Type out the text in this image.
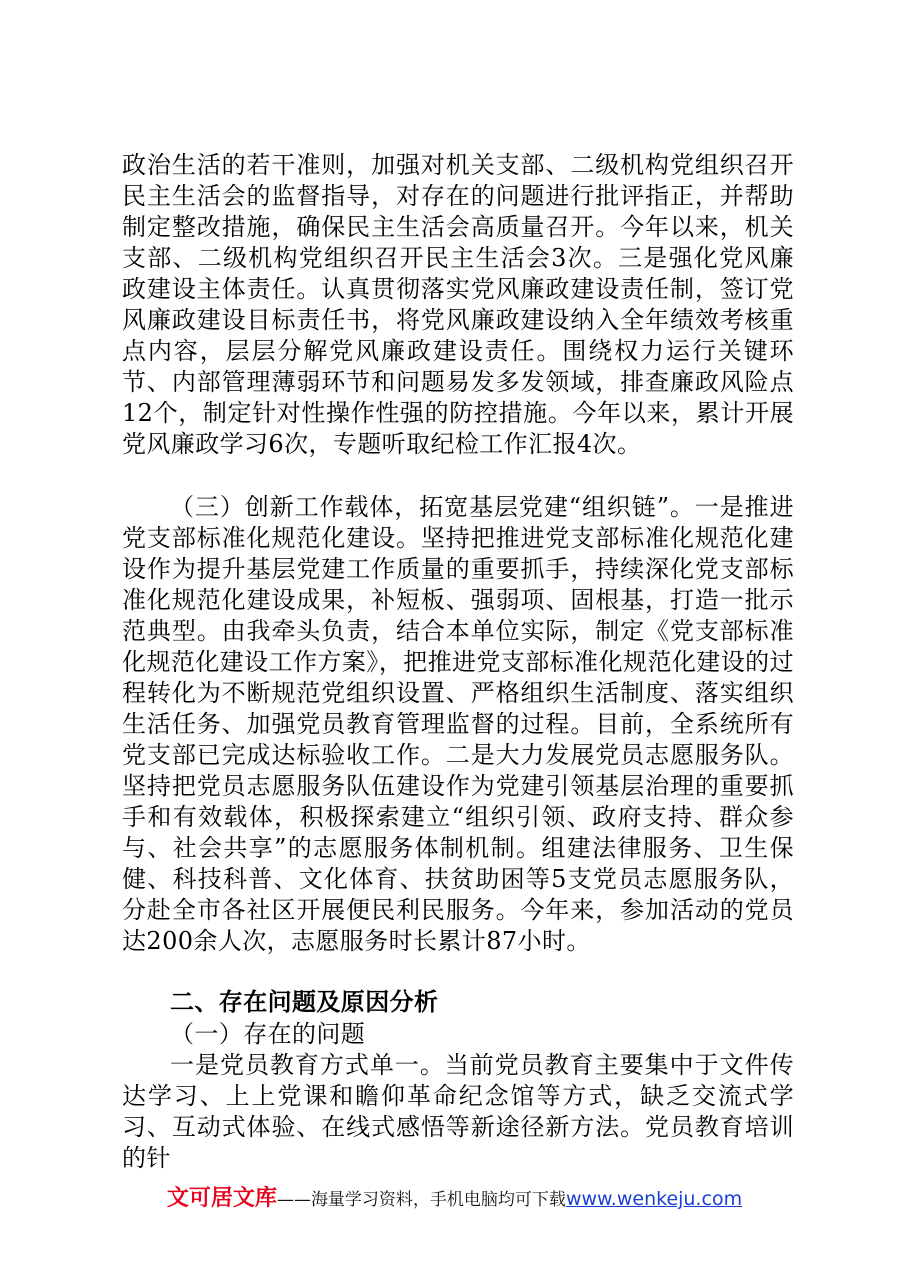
政治生活的若干准则，加强对机关支部、二级机构党组织召开民主生活会的监督指导，对存在的问题进行批评指正，并帮助制定整改措施，确保民主生活会高质量召开。今年以来，机关支部、二级机构党组织召开民主生活会3次。三是强化党风廉政建设主体责任。认真贯彻落实党风廉政建设责任制，签订党风廉政建设目标责任书，将党风廉政建设纳入全年绩效考核重点内容，层层分解党风廉政建设责任。围绕权力运行关键环节、内部管理薄弱环节和问题易发多发领域，排查廉政风险点12个，制定针对性操作性强的防控措施。今年以来，累计开展党风廉政学习6次，专题听取纪检工作汇报4次。

（三）创新工作载体，拓宽基层党建“组织链”。一是推进党支部标准化规范化建设。坚持把推进党支部标准化规范化建设作为提升基层党建工作质量的重要抓手，持续深化党支部标准化规范化建设成果，补短板、强弱项、固根基，打造一批示范典型。由我牵头负责，结合本单位实际，制定《党支部标准化规范化建设工作方案》，把推进党支部标准化规范化建设的过程转化为不断规范党组织设置、严格组织生活制度、落实组织生活任务、加强党员教育管理监督的过程。目前，全系统所有党支部已完成达标验收工作。二是大力发展党员志愿服务队。坚持把党员志愿服务队伍建设作为党建引领基层治理的重要抓手和有效载体，积极探索建立“组织引领、政府支持、群众参与、社会共享”的志愿服务体制机制。组建法律服务、卫生保健、科技科普、文化体育、扶贫助困等5支党员志愿服务队，分赴全市各社区开展便民利民服务。今年来，参加活动的党员达200余人次，志愿服务时长累计87小时。

二、存在问题及原因分析

（一）存在的问题

一是党员教育方式单一。当前党员教育主要集中于文件传达学习、上上党课和瞻仰革命纪念馆等方式，缺乏交流式学习、互动式体验、在线式感悟等新途径新方法。党员教育培训的针

文可居文库——海量学习资料，手机电脑均可下载www.wenkeju.com
